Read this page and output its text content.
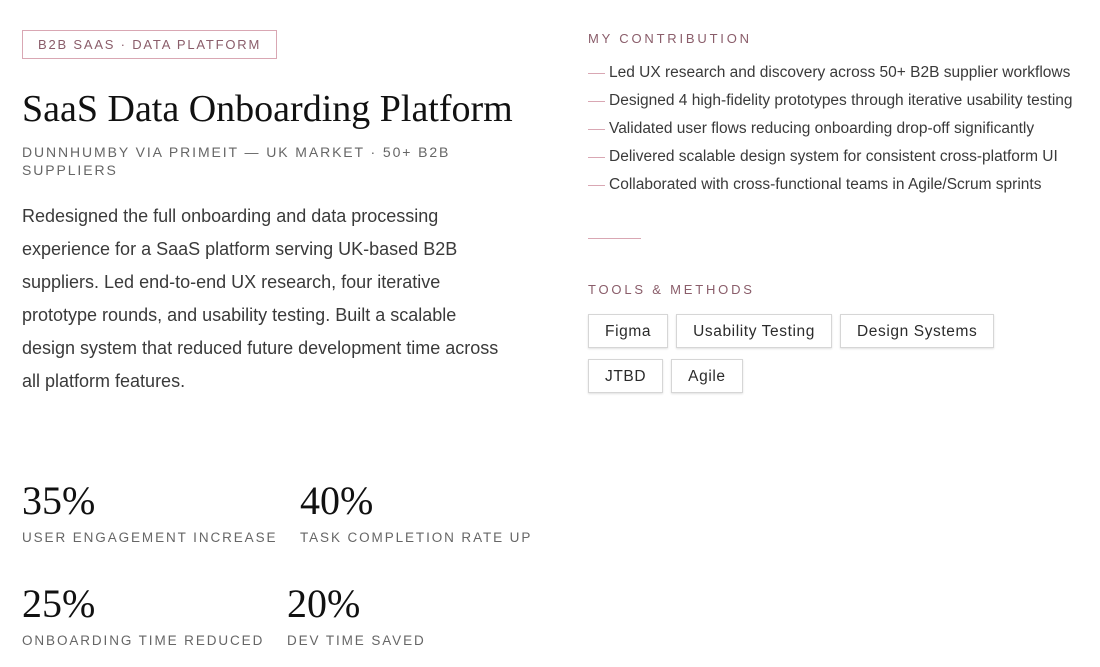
B2B SAAS · DATA PLATFORM
SaaS Data Onboarding Platform
DUNNHUMBY VIA PRIMEIT — UK MARKET · 50+ B2B SUPPLIERS
Redesigned the full onboarding and data processing experience for a SaaS platform serving UK-based B2B suppliers. Led end-to-end UX research, four iterative prototype rounds, and usability testing. Built a scalable design system that reduced future development time across all platform features.
35%
USER ENGAGEMENT INCREASE
40%
TASK COMPLETION RATE UP
25%
ONBOARDING TIME REDUCED
20%
DEV TIME SAVED
MY CONTRIBUTION
Led UX research and discovery across 50+ B2B supplier workflows
Designed 4 high-fidelity prototypes through iterative usability testing
Validated user flows reducing onboarding drop-off significantly
Delivered scalable design system for consistent cross-platform UI
Collaborated with cross-functional teams in Agile/Scrum sprints
TOOLS & METHODS
Figma	Usability Testing	Design Systems
JTBD	Agile
